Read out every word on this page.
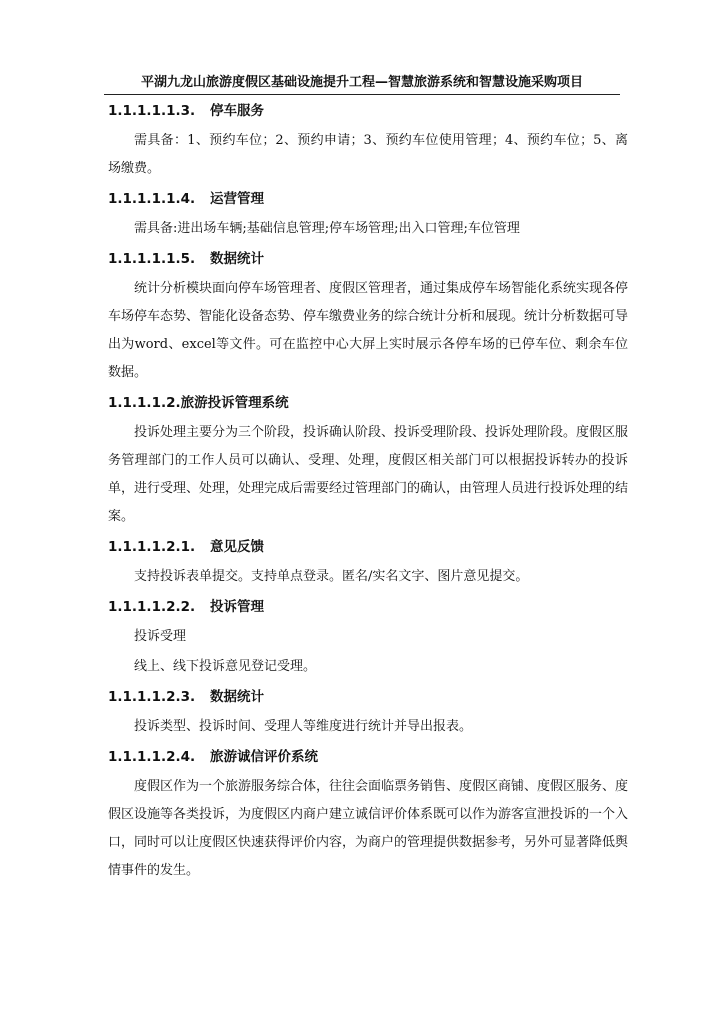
平湖九龙山旅游度假区基础设施提升工程—智慧旅游系统和智慧设施采购项目
1.1.1.1.1.3. 停车服务
需具备：1、预约车位；2、预约申请；3、预约车位使用管理；4、预约车位；5、离场缴费。
1.1.1.1.1.4. 运营管理
需具备:进出场车辆;基础信息管理;停车场管理;出入口管理;车位管理
1.1.1.1.1.5. 数据统计
统计分析模块面向停车场管理者、度假区管理者，通过集成停车场智能化系统实现各停车场停车态势、智能化设备态势、停车缴费业务的综合统计分析和展现。统计分析数据可导出为word、excel等文件。可在监控中心大屏上实时展示各停车场的已停车位、剩余车位数据。
1.1.1.1.2.旅游投诉管理系统
投诉处理主要分为三个阶段，投诉确认阶段、投诉受理阶段、投诉处理阶段。度假区服务管理部门的工作人员可以确认、受理、处理，度假区相关部门可以根据投诉转办的投诉单，进行受理、处理，处理完成后需要经过管理部门的确认，由管理人员进行投诉处理的结案。
1.1.1.1.2.1. 意见反馈
支持投诉表单提交。支持单点登录。匿名/实名文字、图片意见提交。
1.1.1.1.2.2. 投诉管理
投诉受理
线上、线下投诉意见登记受理。
1.1.1.1.2.3. 数据统计
投诉类型、投诉时间、受理人等维度进行统计并导出报表。
1.1.1.1.2.4. 旅游诚信评价系统
度假区作为一个旅游服务综合体，往往会面临票务销售、度假区商铺、度假区服务、度假区设施等各类投诉，为度假区内商户建立诚信评价体系既可以作为游客宣泄投诉的一个入口，同时可以让度假区快速获得评价内容，为商户的管理提供数据参考，另外可显著降低舆情事件的发生。
